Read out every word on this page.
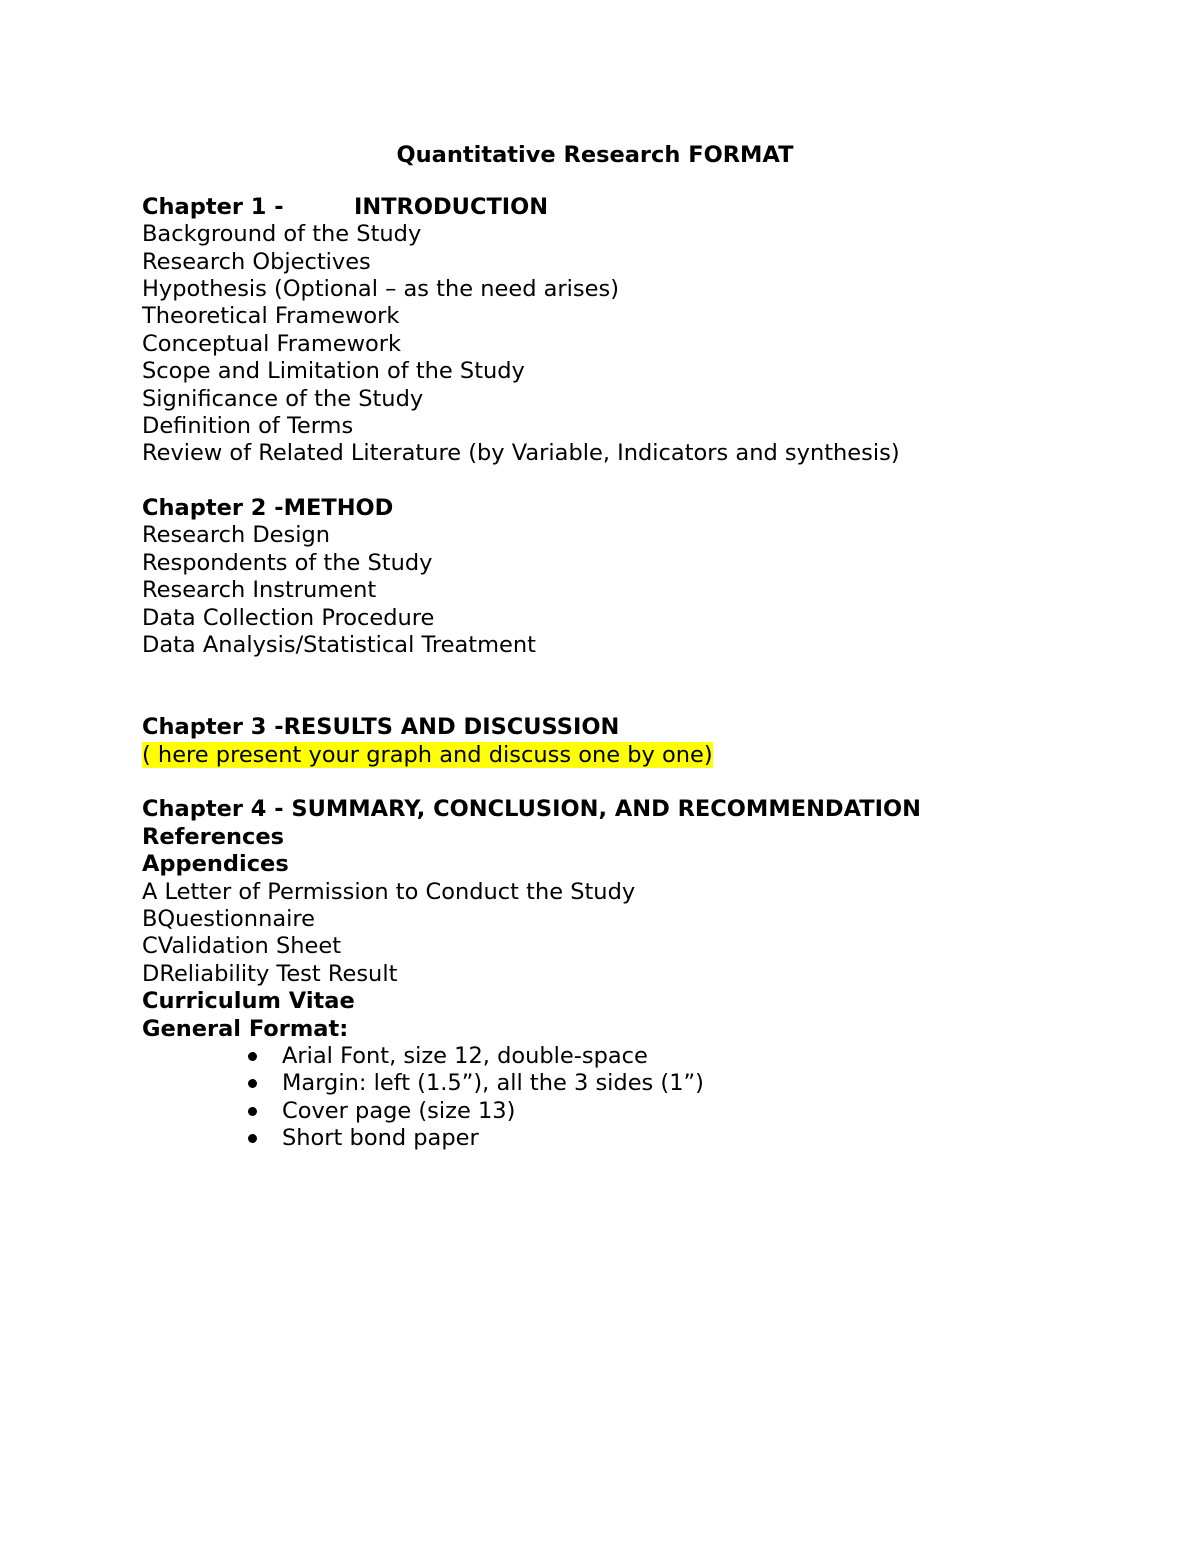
Quantitative Research FORMAT
Chapter 1 -	INTRODUCTION
Background of the Study
Research Objectives
Hypothesis (Optional – as the need arises)
Theoretical Framework
Conceptual Framework
Scope and Limitation of the Study
Significance of the Study
Definition of Terms
Review of Related Literature (by Variable, Indicators and synthesis)
Chapter 2 -METHOD
Research Design
Respondents of the Study
Research Instrument
Data Collection Procedure
Data Analysis/Statistical Treatment
Chapter 3 -RESULTS AND DISCUSSION
( here present your graph and discuss one by one)
Chapter 4 - SUMMARY, CONCLUSION, AND RECOMMENDATION
References
Appendices
A Letter of Permission to Conduct the Study
BQuestionnaire
CValidation Sheet
DReliability Test Result
Curriculum Vitae
General Format:
Arial Font, size 12, double-space
Margin: left (1.5”), all the 3 sides (1”)
Cover page (size 13)
Short bond paper
